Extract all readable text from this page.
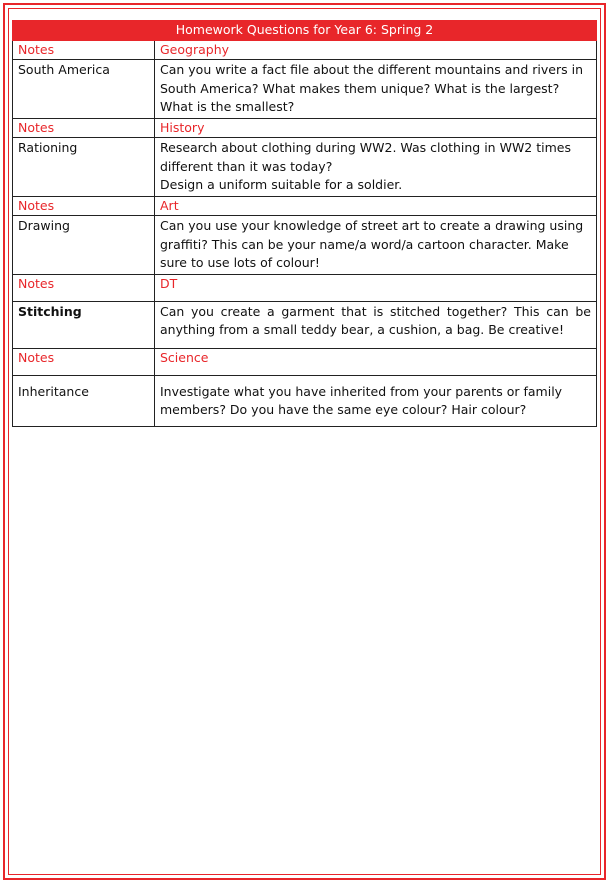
Homework Questions for Year 6: Spring 2	
Notes	Geography
South America	Can you write a fact file about the different mountains and rivers in South America? What makes them unique? What is the largest? What is the smallest?
Notes	History
Rationing	Research about clothing during WW2. Was clothing in WW2 times different than it was today?
Design a uniform suitable for a soldier.

Notes	Art
Drawing	Can you use your knowledge of street art to create a drawing using graffiti? This can be your name/a word/a cartoon character. Make sure to use lots of colour!
Notes	DT
Stitching	Can you create a garment that is stitched together? This can be anything from a small teddy bear, a cushion, a bag. Be creative!
Notes	Science
Inheritance	Investigate what you have inherited from your parents or family members? Do you have the same eye colour? Hair colour?
